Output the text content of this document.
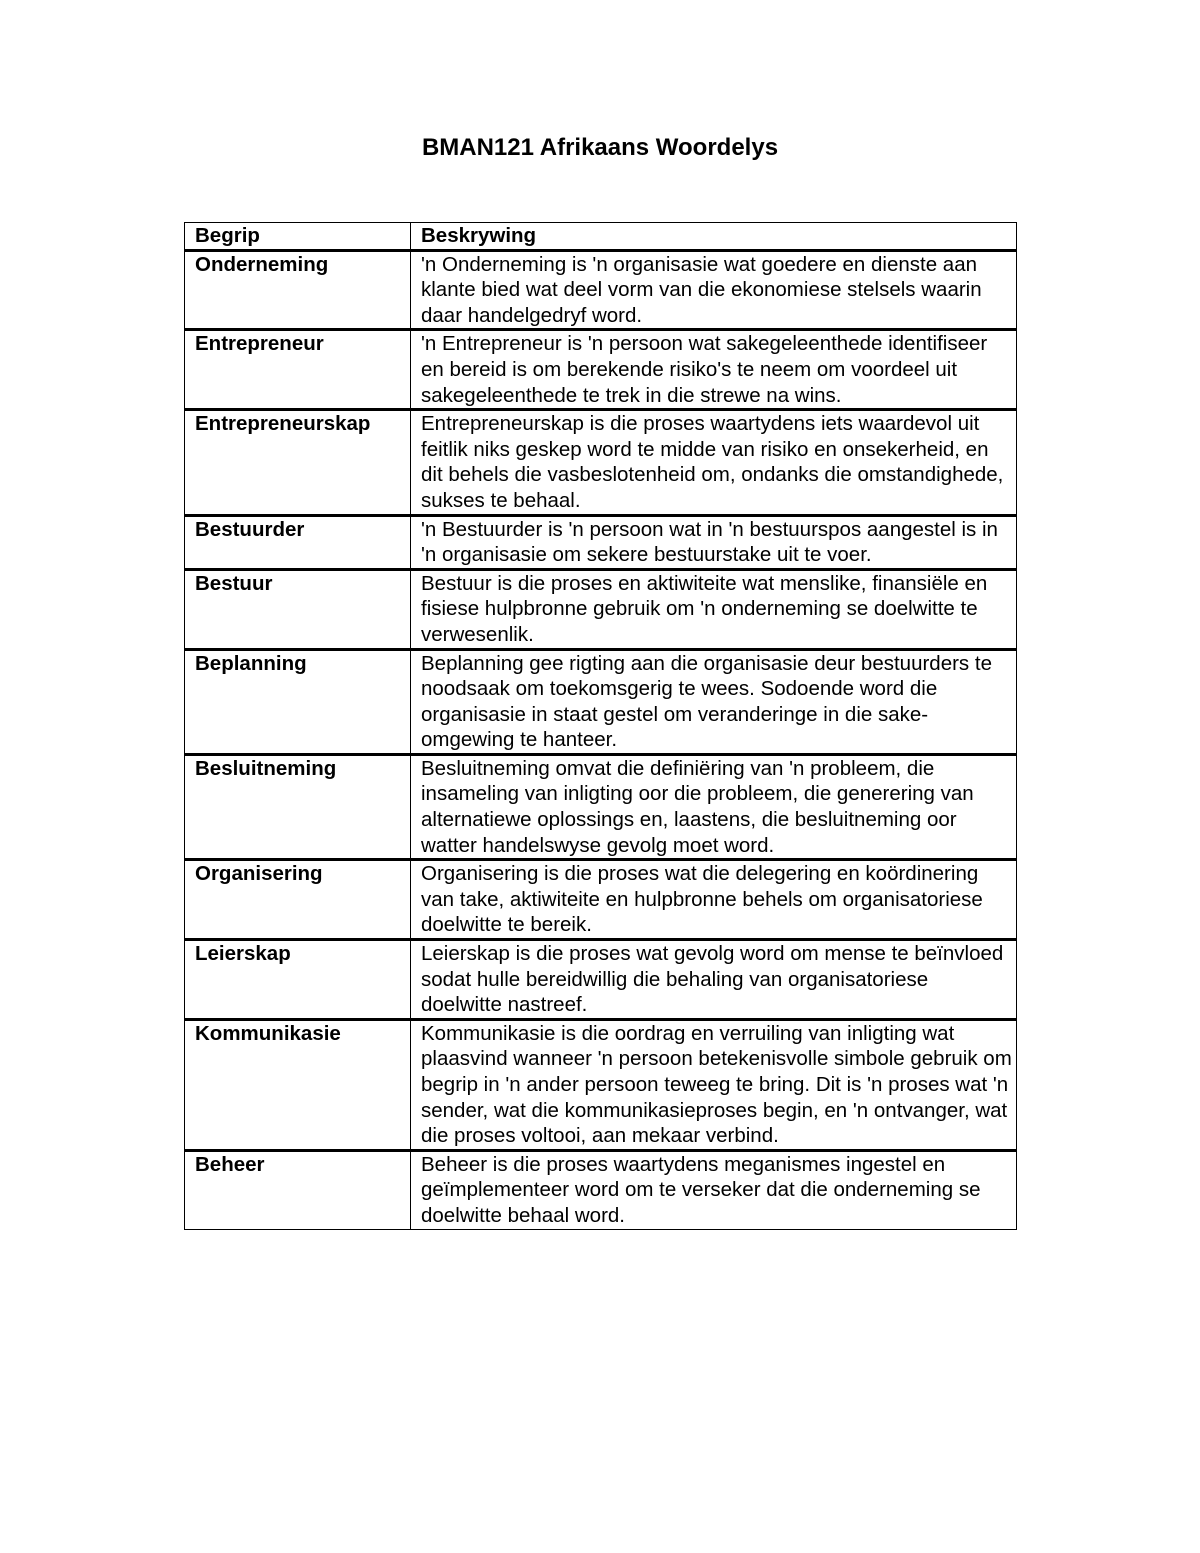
BMAN121 Afrikaans Woordelys
Begrip	Beskrywing
Onderneming	'n Onderneming is 'n organisasie wat goedere en dienste aan klante bied wat deel vorm van die ekonomiese stelsels waarin daar handelgedryf word.
Entrepreneur	'n Entrepreneur is 'n persoon wat sakegeleenthede identifiseer en bereid is om berekende risiko's te neem om voordeel uit sakegeleenthede te trek in die strewe na wins.
Entrepreneurskap	Entrepreneurskap is die proses waartydens iets waardevol uit feitlik niks geskep word te midde van risiko en onsekerheid, en dit behels die vasbeslotenheid om, ondanks die omstandighede, sukses te behaal.
Bestuurder	'n Bestuurder is 'n persoon wat in 'n bestuurspos aangestel is in 'n organisasie om sekere bestuurstake uit te voer.
Bestuur	Bestuur is die proses en aktiwiteite wat menslike, finansiële en fisiese hulpbronne gebruik om 'n onderneming se doelwitte te verwesenlik.
Beplanning	Beplanning gee rigting aan die organisasie deur bestuurders te noodsaak om toekomsgerig te wees. Sodoende word die organisasie in staat gestel om veranderinge in die sake-omgewing te hanteer.
Besluitneming	Besluitneming omvat die definiëring van 'n probleem, die insameling van inligting oor die probleem, die generering van alternatiewe oplossings en, laastens, die besluitneming oor watter handelswyse gevolg moet word.
Organisering	Organisering is die proses wat die delegering en koördinering van take, aktiwiteite en hulpbronne behels om organisatoriese doelwitte te bereik.
Leierskap	Leierskap is die proses wat gevolg word om mense te beïnvloed sodat hulle bereidwillig die behaling van organisatoriese doelwitte nastreef.
Kommunikasie	Kommunikasie is die oordrag en verruiling van inligting wat plaasvind wanneer 'n persoon betekenisvolle simbole gebruik om begrip in 'n ander persoon teweeg te bring. Dit is 'n proses wat 'n sender, wat die kommunikasieproses begin, en 'n ontvanger, wat die proses voltooi, aan mekaar verbind.
Beheer	Beheer is die proses waartydens meganismes ingestel en geïmplementeer word om te verseker dat die onderneming se doelwitte behaal word.
